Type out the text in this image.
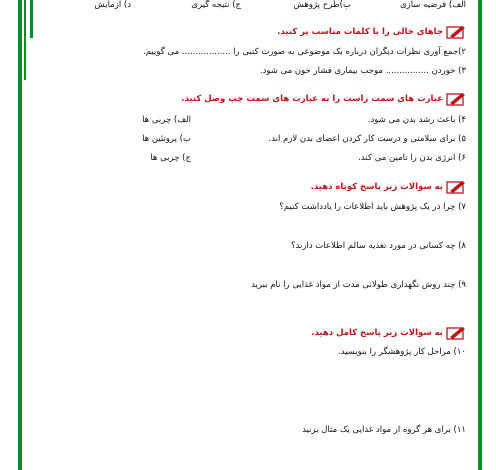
الف) فرضیه سازی
ب)طرح پژوهش
ج) نتیجه گیری
د) آزمایش
جاهای خالی را با کلمات مناسب پر کنید.
۲)جمع آوری نظرات دیگران درباره یک موضوعی به صورت کتبی را .................. می گوییم.
۳) خوردن ................ موجب بیماری فشار خون می شود.
عبارت های سمت راست را به عبارت های سمت چپ وصل کنید.
۴) باعث رشد بدن می شود.
۵) برای سلامتی و درست کار کردن اعضای بدن لازم اند.
۶) انرژی بدن را تامین می کند.
الف) چربی ها
ب) پروتئین ها
ج) چربی ها
به سوالات زیر پاسخ کوتاه دهید.
۷) چرا در یک پژوهش باید اطلاعات را یادداشت کنیم؟
۸) چه کسانی در مورد تغذیه سالم اطلاعات دارند؟
۹) چند روش نگهداری طولانی مدت از مواد غذایی را نام ببرید
به سوالات زیر پاسخ کامل دهید.
۱۰) مراحل کار پژوهشگر را بنویسید.
۱۱) برای هر گروه از مواد غذایی یک مثال بزنید
